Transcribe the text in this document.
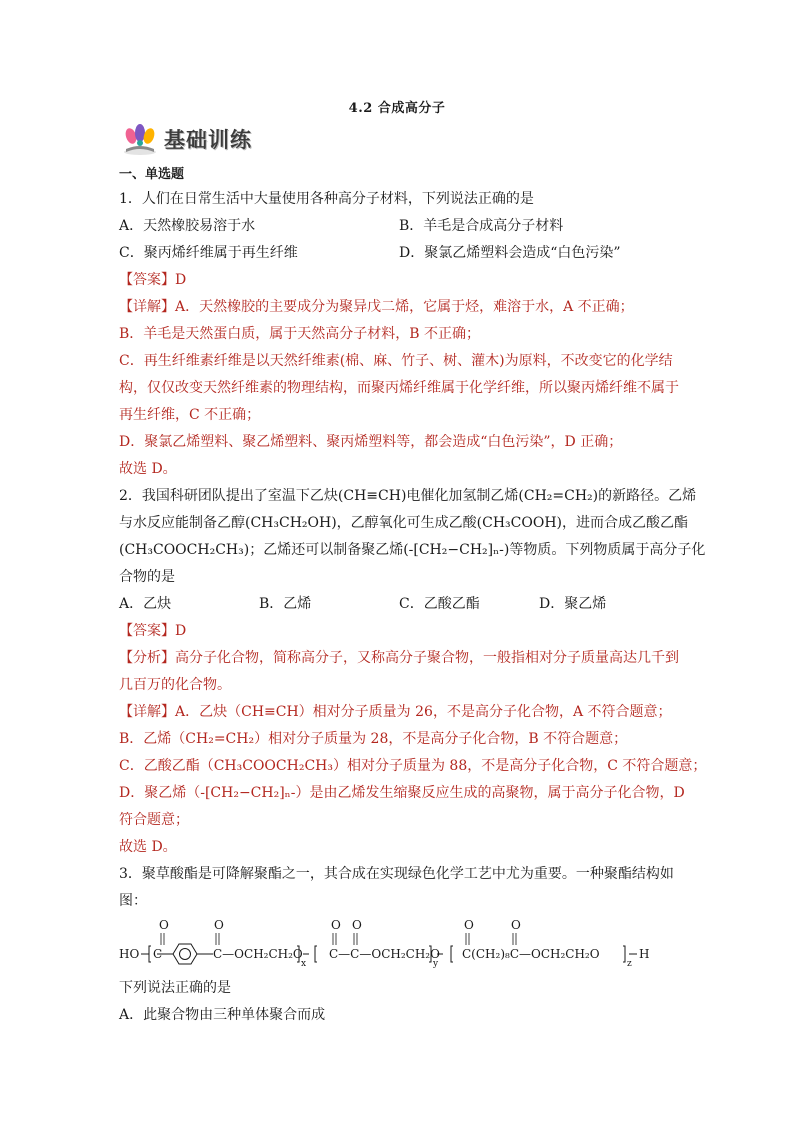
4.2 合成高分子
基础训练
一、单选题
1．人们在日常生活中大量使用各种高分子材料，下列说法正确的是
A．天然橡胶易溶于水	B．羊毛是合成高分子材料
C．聚丙烯纤维属于再生纤维	D．聚氯乙烯塑料会造成“白色污染”
【答案】D
【详解】A．天然橡胶的主要成分为聚异戊二烯，它属于烃，难溶于水，A 不正确；
B．羊毛是天然蛋白质，属于天然高分子材料，B 不正确；
C．再生纤维素纤维是以天然纤维素(棉、麻、竹子、树、灌木)为原料，不改变它的化学结
构，仅仅改变天然纤维素的物理结构，而聚丙烯纤维属于化学纤维，所以聚丙烯纤维不属于
再生纤维，C 不正确；
D．聚氯乙烯塑料、聚乙烯塑料、聚丙烯塑料等，都会造成“白色污染”，D 正确；
故选 D。
2．我国科研团队提出了室温下乙炔(CH≡CH)电催化加氢制乙烯(CH₂=CH₂)的新路径。乙烯
与水反应能制备乙醇(CH₃CH₂OH)，乙醇氧化可生成乙酸(CH₃COOH)，进而合成乙酸乙酯
(CH₃COOCH₂CH₃)；乙烯还可以制备聚乙烯(-[CH₂−CH₂]ₙ-)等物质。下列物质属于高分子化
合物的是
A．乙炔	B．乙烯	C．乙酸乙酯	D．聚乙烯
【答案】D
【分析】高分子化合物，简称高分子，又称高分子聚合物，一般指相对分子质量高达几千到
几百万的化合物。
【详解】A．乙炔（CH≡CH）相对分子质量为 26，不是高分子化合物，A 不符合题意；
B．乙烯（CH₂=CH₂）相对分子质量为 28，不是高分子化合物，B 不符合题意；
C．乙酸乙酯（CH₃COOCH₂CH₃）相对分子质量为 88，不是高分子化合物，C 不符合题意；
D．聚乙烯（-[CH₂−CH₂]ₙ-）是由乙烯发生缩聚反应生成的高聚物，属于高分子化合物，D
符合题意；
故选 D。
3．聚草酸酯是可降解聚酯之一，其合成在实现绿色化学工艺中尤为重要。一种聚酯结构如
图：
O	O	O O	O	O
HO C	C—OCH₂CH₂O
x
C—C—OCH₂CH₂O
y
C(CH₂)₈C—OCH₂CH₂O
z
H
下列说法正确的是
A．此聚合物由三种单体聚合而成
